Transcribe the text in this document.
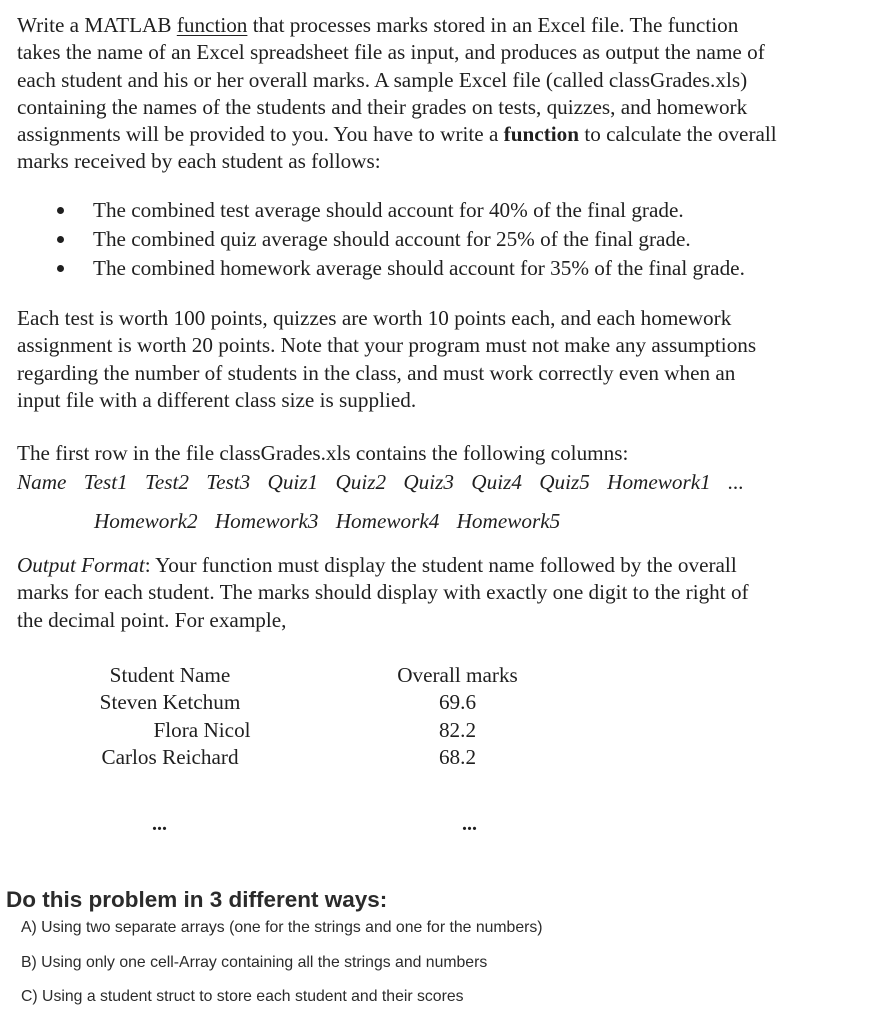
Write a MATLAB function that processes marks stored in an Excel file. The function
takes the name of an Excel spreadsheet file as input, and produces as output the name of
each student and his or her overall marks. A sample Excel file (called classGrades.xls)
containing the names of the students and their grades on tests, quizzes, and homework
assignments will be provided to you. You have to write a function to calculate the overall
marks received by each student as follows:
The combined test average should account for 40% of the final grade.
The combined quiz average should account for 25% of the final grade.
The combined homework average should account for 35% of the final grade.
Each test is worth 100 points, quizzes are worth 10 points each, and each homework
assignment is worth 20 points. Note that your program must not make any assumptions
regarding the number of students in the class, and must work correctly even when an
input file with a different class size is supplied.
The first row in the file classGrades.xls contains the following columns:
Name Test1 Test2 Test3 Quiz1 Quiz2 Quiz3 Quiz4 Quiz5 Homework1 ...
Homework2 Homework3 Homework4 Homework5
Output Format: Your function must display the student name followed by the overall
marks for each student. The marks should display with exactly one digit to the right of
the decimal point. For example,
Student Name	Overall marks
Steven Ketchum	69.6
Flora Nicol	82.2
Carlos Reichard	68.2
...	...
Do this problem in 3 different ways:
A) Using two separate arrays (one for the strings and one for the numbers)
B) Using only one cell-Array containing all the strings and numbers
C) Using a student struct to store each student and their scores
